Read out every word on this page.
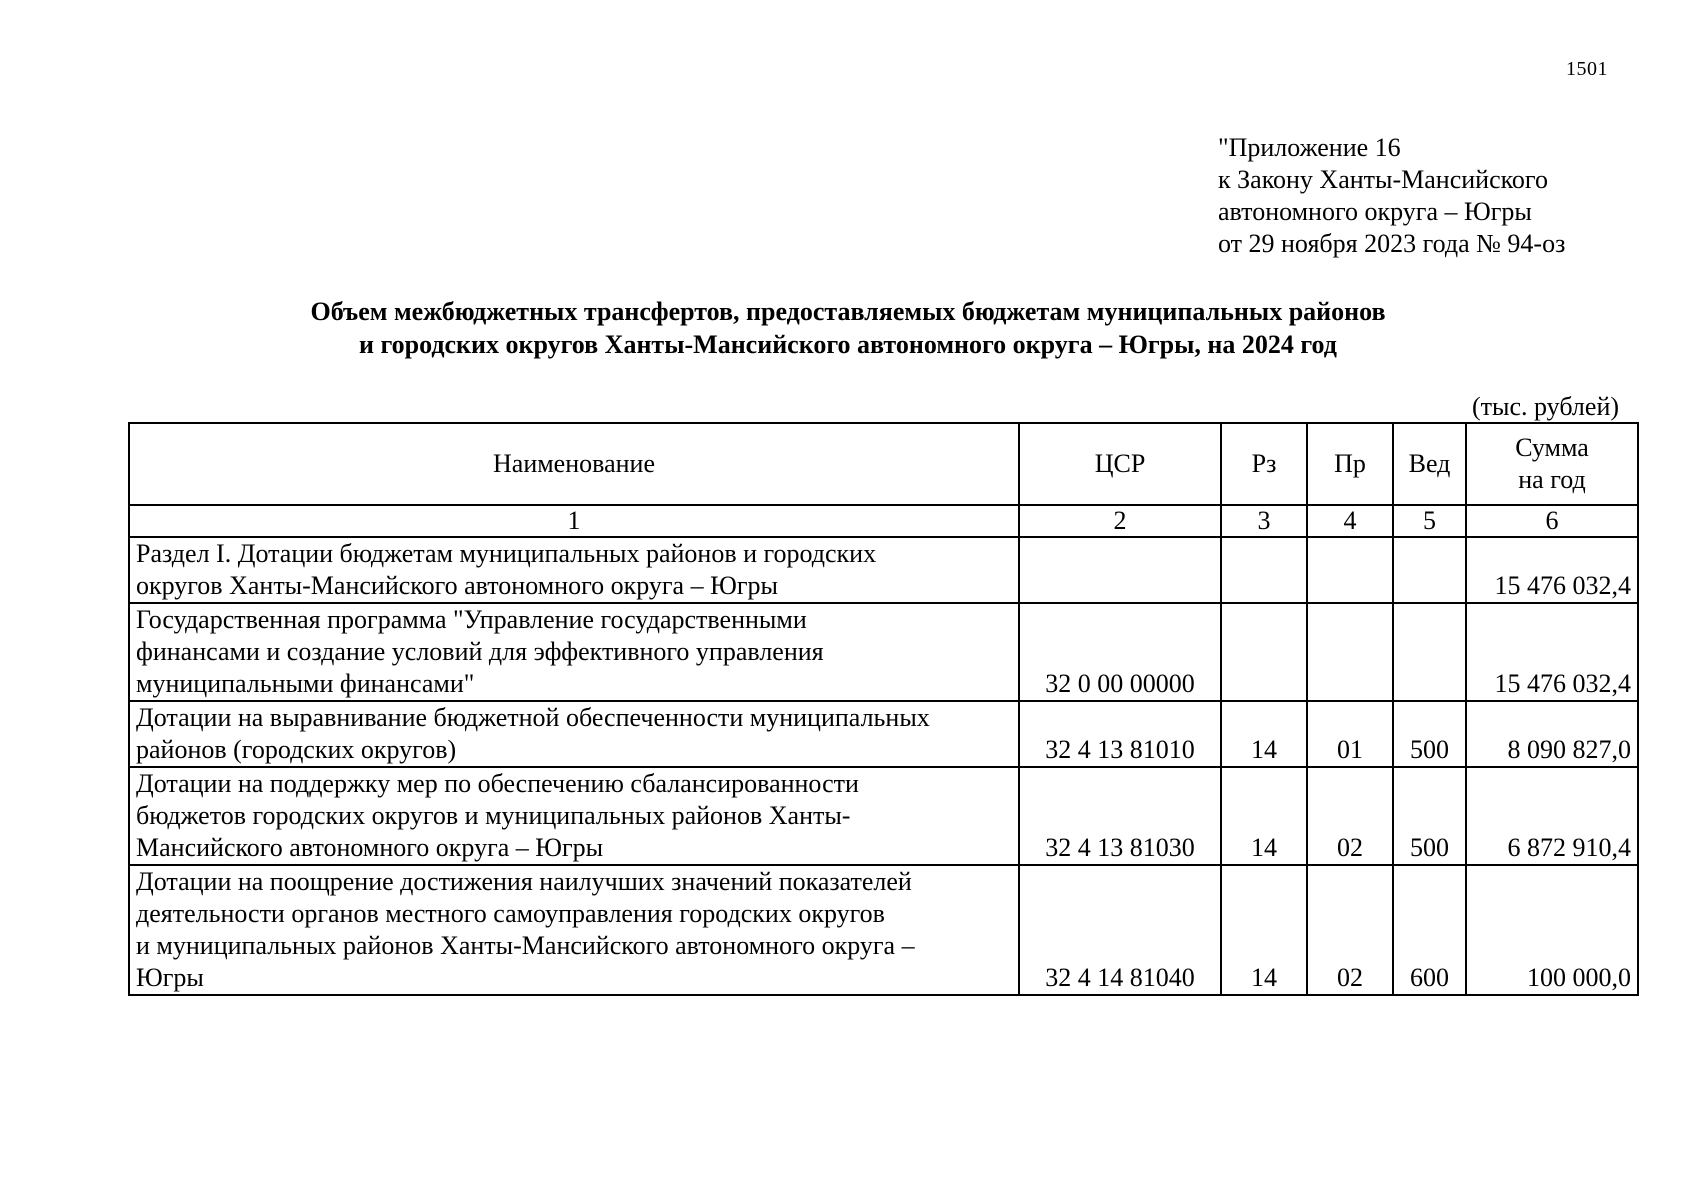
1501
"Приложение 16
к Закону Ханты-Мансийского
автономного округа – Югры
от 29 ноября 2023 года № 94-оз
Объем межбюджетных трансфертов, предоставляемых бюджетам муниципальных районов
и городских округов Ханты-Мансийского автономного округа – Югры, на 2024 год
(тыс. рублей)
Наименование	ЦСР	Рз	Пр	Вед	Сумма
на год

1	2	3	4	5	6

Раздел I. Дотации бюджетам муниципальных районов и городских
округов Ханты-Мансийского автономного округа – Югры					15 476 032,4

Государственная программа "Управление государственными
финансами и создание условий для эффективного управления
муниципальными финансами"	32 0 00 00000				15 476 032,4

Дотации на выравнивание бюджетной обеспеченности муниципальных
районов (городских округов)	32 4 13 81010	14	01	500	8 090 827,0

Дотации на поддержку мер по обеспечению сбалансированности
бюджетов городских округов и муниципальных районов Ханты-
Мансийского автономного округа – Югры	32 4 13 81030	14	02	500	6 872 910,4

Дотации на поощрение достижения наилучших значений показателей
деятельности органов местного самоуправления городских округов
и муниципальных районов Ханты-Мансийского автономного округа –
Югры	32 4 14 81040	14	02	600	100 000,0
